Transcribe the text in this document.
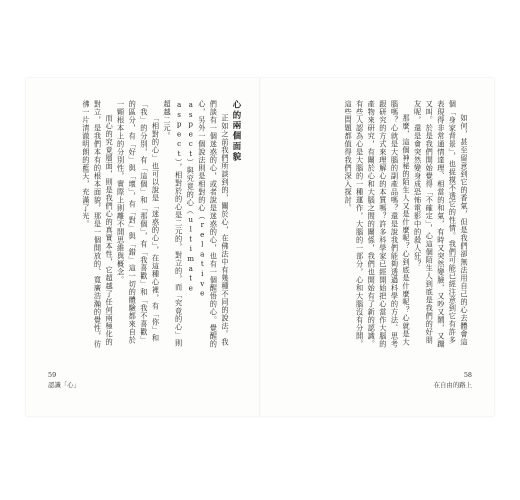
心的兩個面貌

正如之前我們所談到的，關於心，在佛法中有幾種不同的說法。我們談有一個迷惑的心，或者說是迷惑的心，也有一個醒悟的心。覺醒的心，另外一個說法則是相對的心（relative aspect）與究竟的心（ultimate aspect），相對於的心是二元的，對立的，而「究竟的心」則超越二元。

「相對的心」也可以說是「迷惑的心」，在這種心裡，有「你」和「我」的分別，有「這個」和「那個」，有「我喜歡」和「我不喜歡」的區分，有「好」與「壞」，有「對」與「錯」這一切的體驗都來自於一顆根本上的分別性，實際上則離不開思維與概念。

而心的究竟層面，則是我們心的真實本性，它超越了任何兩極化的對立，是我們本有的根本面貌，那是一個開放的、寬廣浩瀚的覺性，彷彿一片清澈明朗的藍天，充滿了光。

59
認識「心」

如何，甚至留意到它的香氣，但是我們卻無法用自己的心去體會這個「身家背景」，也捉摸不透它的性情。我們可能已經注意到它有許多表現得非常通情達理、相當的和氣，有時又突然變臉，又吵又鬧，又蹦又叫。於是我們開始覺得「不確定」，心這個陌生人到底是我們的好朋友呢，還是會突然變身成恐怖電影中的殺人狂？

那麼，這個神秘的陌生人又是什麼呢？心到底是什麼呢？心就是大腦嗎？心就是大腦的副產品嗎？還是說我們能夠透過科學的方法、思考跟研究的方式來理解心的本質嗎？許多科學家已經開始把心當作大腦的產物來研究，有關於心和大腦之間的關係，我們也開始有了新的認識。有些人認為心是大腦的一種運作，大腦的一部分，心和大腦沒有分開，這些問題都值得我們深入探討。

58
在自由的路上
